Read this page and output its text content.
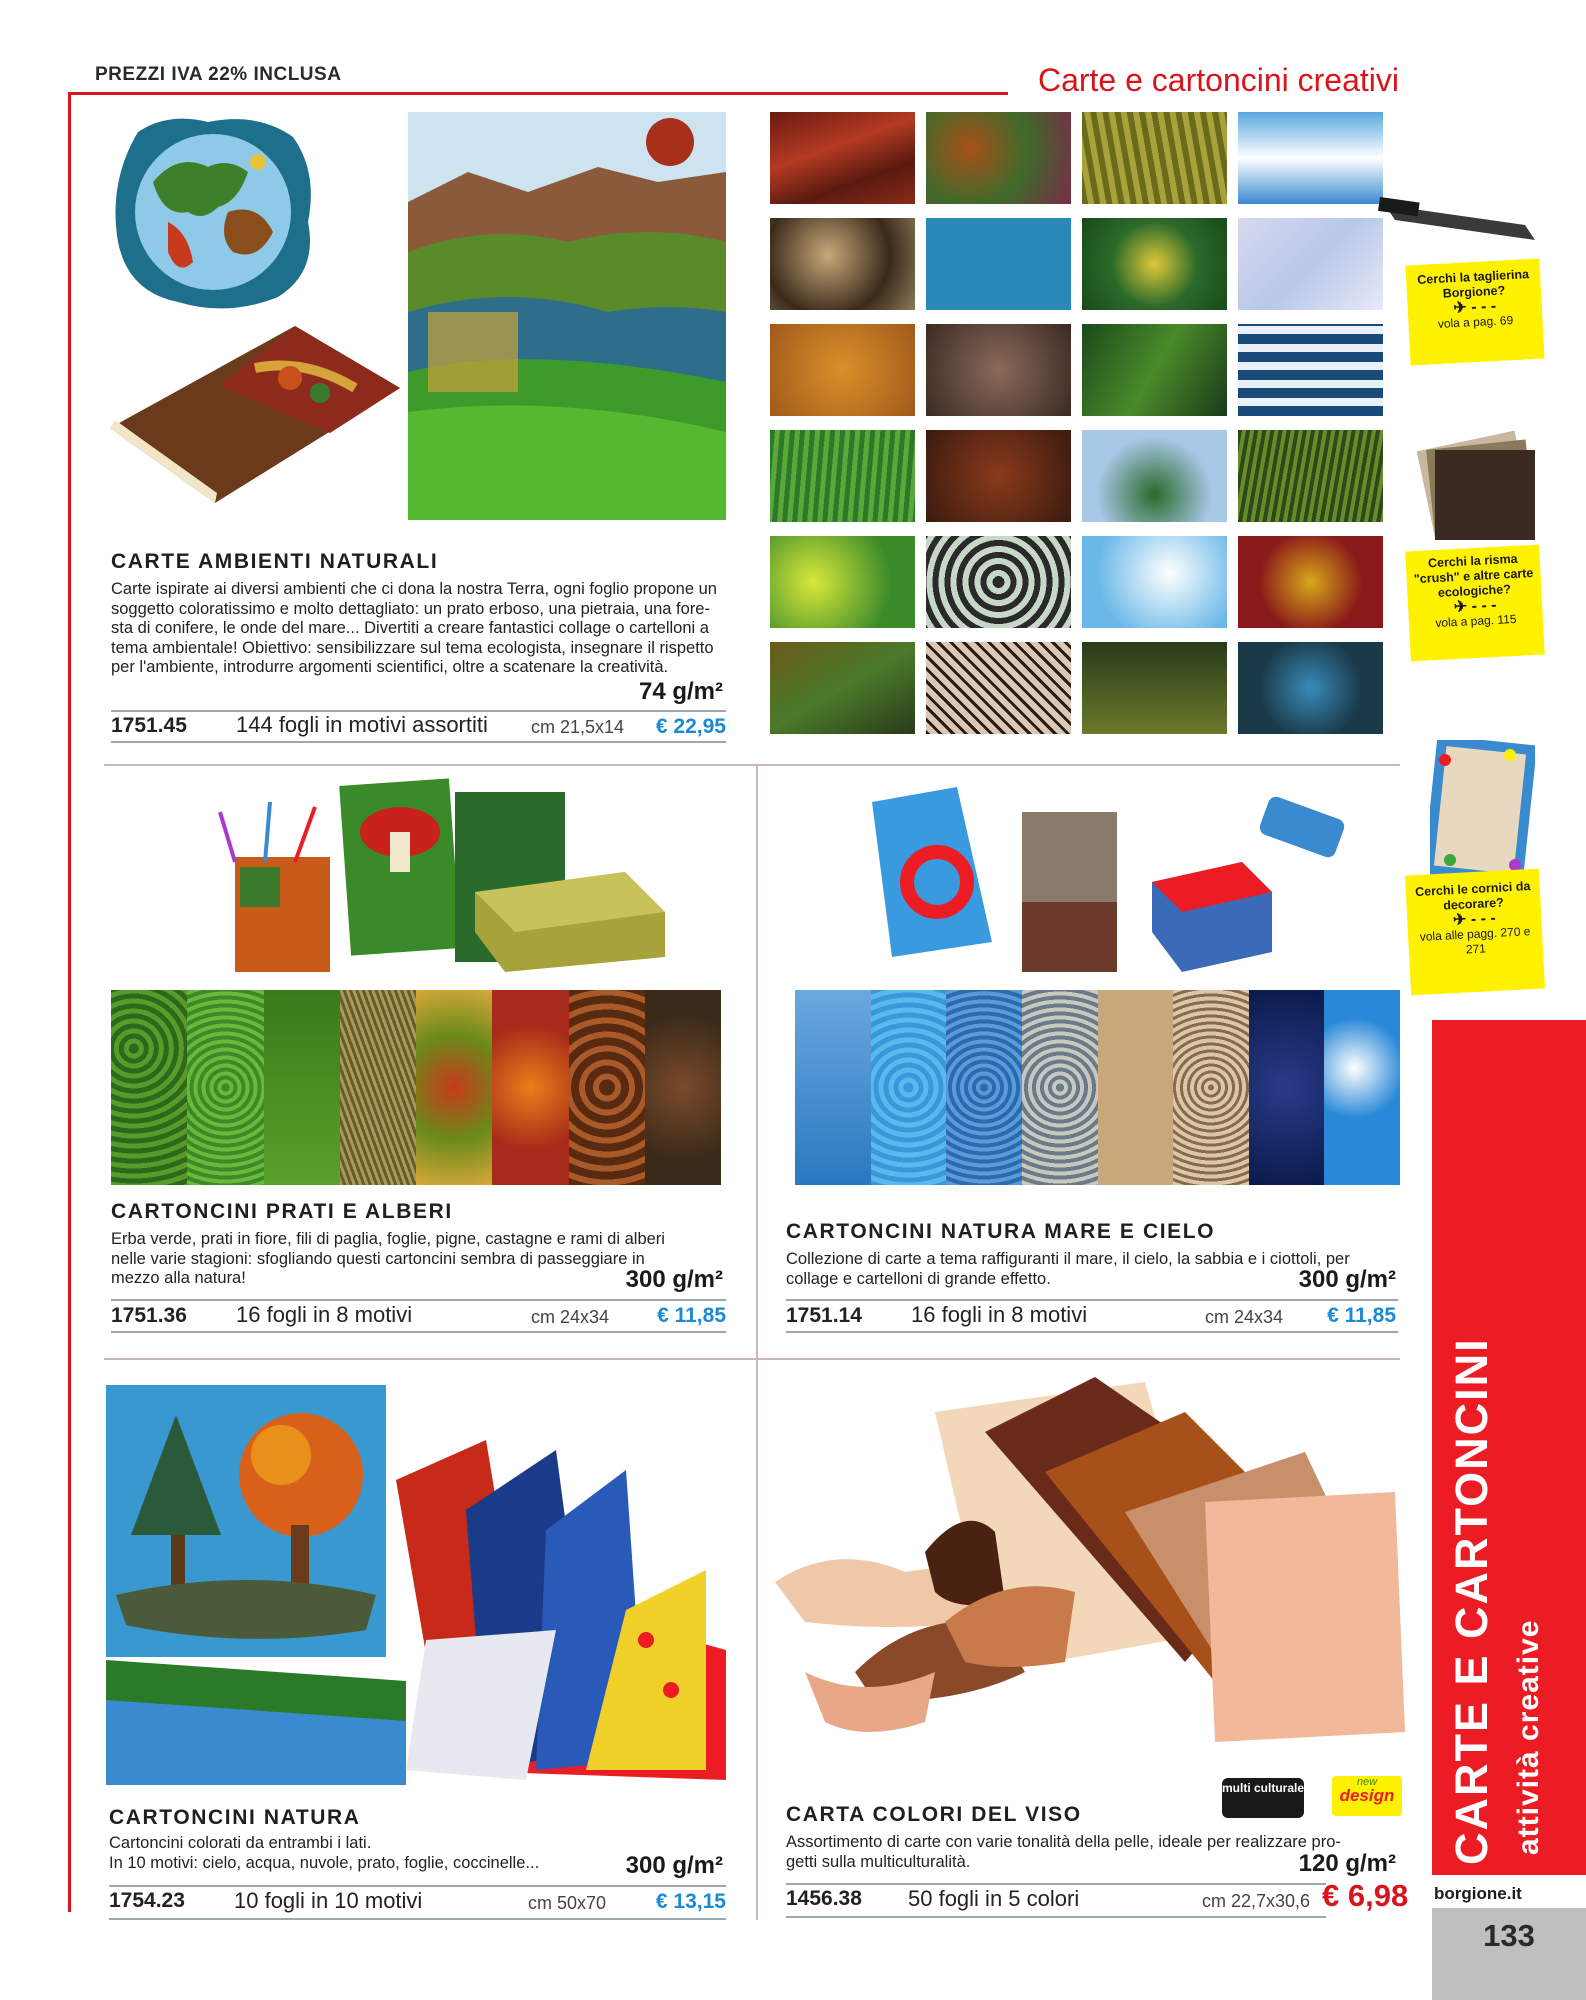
PREZZI IVA 22% INCLUSA	Carte e cartoncini creativi
Cerchi la taglierina Borgione?
✈ - - -
vola a pag. 69
Cerchi la risma "crush" e altre carte ecologiche?
✈ - - -
vola a pag. 115
Cerchi le cornici da decorare?
✈ - - -
vola alle pagg. 270 e 271
CARTE AMBIENTI NATURALI
Carte ispirate ai diversi ambienti che ci dona la nostra Terra, ogni foglio propone un
soggetto coloratissimo e molto dettagliato: un prato erboso, una pietraia, una fore-
sta di conifere, le onde del mare... Divertiti a creare fantastici collage o cartelloni a
tema ambientale! Obiettivo: sensibilizzare sul tema ecologista, insegnare il rispetto
per l'ambiente, introdurre argomenti scientifici, oltre a scatenare la creatività.
74 g/m²
1751.45 144 fogli in motivi assortiti cm 21,5x14 € 22,95
CARTONCINI PRATI E ALBERI
Erba verde, prati in fiore, fili di paglia, foglie, pigne, castagne e rami di alberi
nelle varie stagioni: sfogliando questi cartoncini sembra di passeggiare in
mezzo alla natura!	300 g/m²
1751.36 16 fogli in 8 motivi	cm 24x34 € 11,85
CARTONCINI NATURA MARE E CIELO
Collezione di carte a tema raffiguranti il mare, il cielo, la sabbia e i ciottoli, per
collage e cartelloni di grande effetto.	300 g/m²
1751.14 16 fogli in 8 motivi	cm 24x34 € 11,85
CARTONCINI NATURA
Cartoncini colorati da entrambi i lati.
In 10 motivi: cielo, acqua, nuvole, prato, foglie, coccinelle...	300 g/m²
1754.23 10 fogli in 10 motivi	cm 50x70 € 13,15
multi culturale	new
design
CARTA COLORI DEL VISO
Assortimento di carte con varie tonalità della pelle, ideale per realizzare pro-
getti sulla multiculturalità.	120 g/m²
1456.38 50 fogli in 5 colori	cm 22,7x30,6 € 6,98
CARTE E CARTONCINI attività creative
borgione.it
133
